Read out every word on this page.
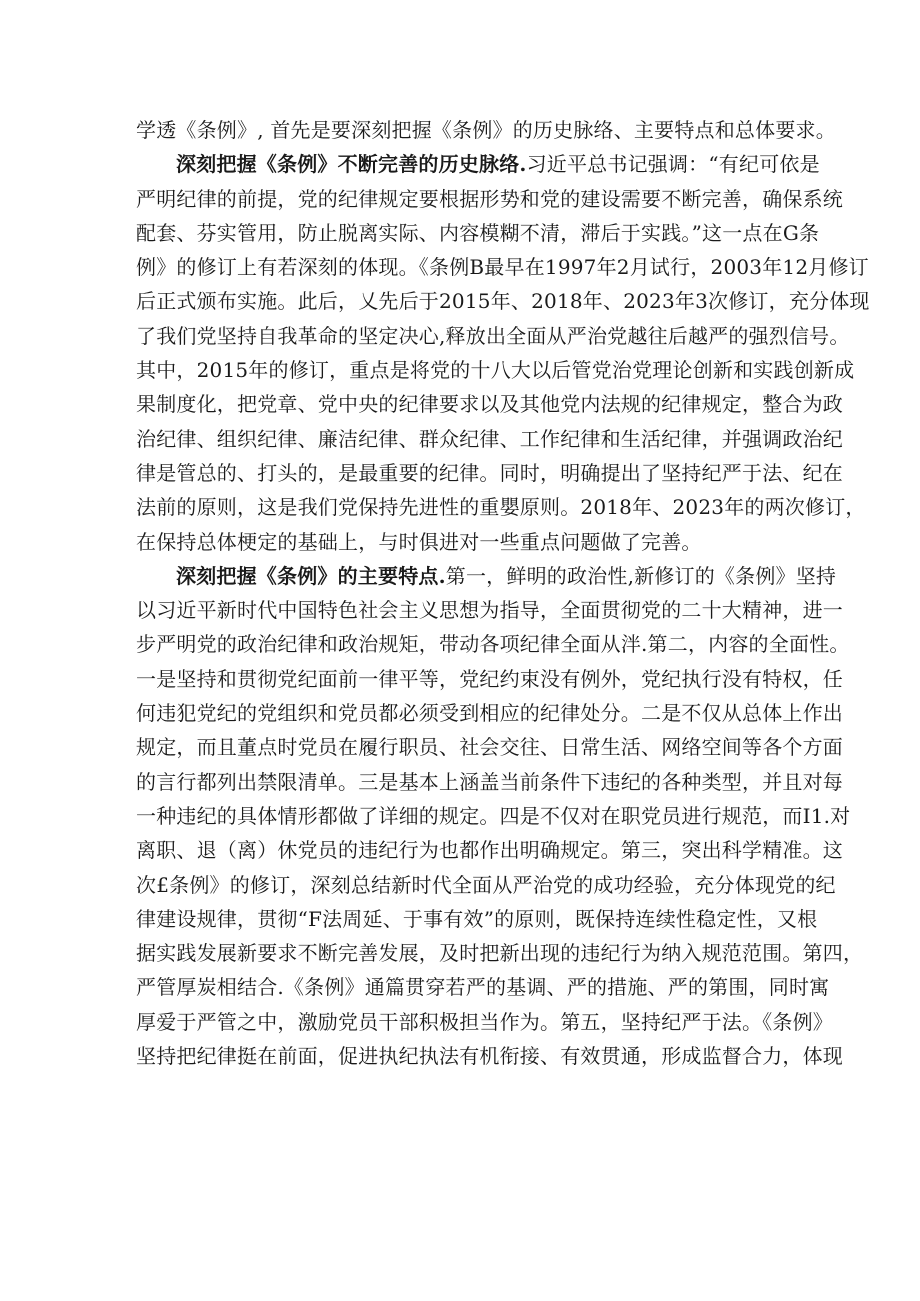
学透《条例》, 首先是要深刻把握《条例》的历史脉络、主要特点和总体要求。

深刻把握《条例》不断完善的历史脉络.习近平总书记强调：“有纪可依是
严明纪律的前提，党的纪律规定要根据形势和党的建设需要不断完善，确保系统
配套、芬实管用，防止脱离实际、内容模糊不清，滞后于实践。”这一点在G条
例》的修订上有若深刻的体现。《条例B最早在1997年2月试行，2003年12月修订
后正式颁布实施。此后，乂先后于2015年、2018年、2023年3次修订，充分体现
了我们党坚持自我革命的坚定决心,释放出全面从严治党越往后越严的强烈信号。
其中，2015年的修订，重点是将党的十八大以后管党治党理论创新和实践创新成
果制度化，把党章、党中央的纪律要求以及其他党内法规的纪律规定，整合为政
治纪律、组织纪律、廉洁纪律、群众纪律、工作纪律和生活纪律，并强调政治纪
律是管总的、打头的，是最重要的纪律。同时，明确提出了坚持纪严于法、纪在
法前的原则，这是我们党保持先进性的重嬰原则。2018年、2023年的两次修订，
在保持总体梗定的基础上，与时俱进对一些重点问题做了完善。

深刻把握《条例》的主要特点.第一，鲜明的政治性,新修订的《条例》坚持
以习近平新时代中国特色社会主义思想为指导，全面贯彻党的二十大精神，进一
步严明党的政治纪律和政治规矩，带动各项纪律全面从泮.第二，内容的全面性。
一是坚持和贯彻党纪面前一律平等，党纪约束没有例外，党纪执行没有特权，任
何违犯党纪的党组织和党员都必须受到相应的纪律处分。二是不仅从总体上作出
规定，而且董点时党员在履行职员、社会交往、日常生活、网络空间等各个方面
的言行都列出禁限清单。三是基本上涵盖当前条件下违纪的各种类型，并且对每
一种违纪的具体情形都做了详细的规定。四是不仅对在职党员进行规范，而I1.对
离职、退（离）休党员的违纪行为也都作出明确规定。第三，突出科学精准。这
次£条例》的修订，深刻总结新时代全面从严治党的成功经验，充分体现党的纪
律建设规律，贯彻“F法周延、于事有效”的原则，既保持连续性稳定性，又根
据实践发展新要求不断完善发展，及时把新出现的违纪行为纳入规范范围。第四，
严管厚炭相结合.《条例》通篇贯穿若严的基调、严的措施、严的第围，同时寓
厚爱于严管之中，激励党员干部积极担当作为。第五，坚持纪严于法。《条例》
坚持把纪律挺在前面，促进执纪执法有机衔接、有效贯通，形成监督合力，体现
